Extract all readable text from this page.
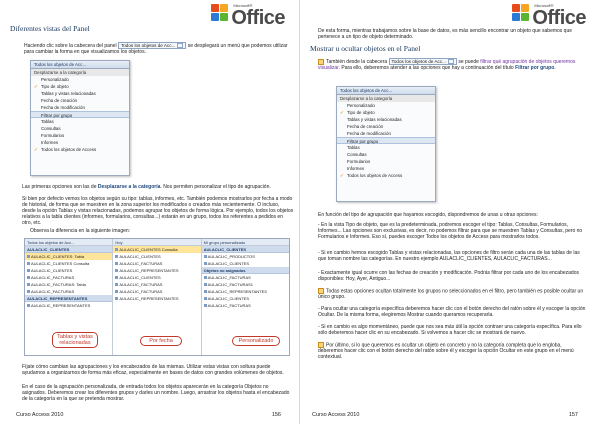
Microsoft®
Office
Diferentes vistas del Panel
Haciendo clic sobre la cabecera del panel Todos los objetos de Acc... se desplegará un menú que podemos utilizar para cambiar la forma en que visualizamos los objetos.
Todos los objetos de Acc...
Desplazarse a la categoría
Personalizado
✓ Tipo de objeto
Tablas y vistas relacionadas
Fecha de creación
Fecha de modificación
Filtrar por grupo
Tablas
Consultas
Formularios
Informes
✓ Todos los objetos de Access
Las primeras opciones son las de Desplazarse a la categoría. Nos permiten personalizar el tipo de agrupación.
Si bien por defecto vemos los objetos según su tipo: tablas, informes, etc. También podemos mostrarlos por fecha a modo de historial, de forma que se muestren en la zona superior los modificados o creados más recientemente. O incluso, desde la opción Tablas y vistas relacionadas, podemos agrupar los objetos de forma lógica. Por ejemplo, todos los objetos relativos a la tabla clientes (informes, formularios, consultas...) estarán en un grupo, todos los referentes a pedidos en otro, etc.
Observa la diferencia en la siguiente imagen:
Todos los objetos de Acc...
AULACLIC_CLIENTES
AULACLIC_CLIENTES: Tabla
AULACLIC_CLIENTES Consulta
AULACLIC_CLIENTES
AULACLIC_FACTURAS
AULACLIC_FACTURAS: Tabla
AULACLIC_FACTURAS
AULACLIC_REPRESENTANTES
AULACLIC_REPRESENTANTES
Hoy
AULACLIC_CLIENTES Consulta
AULACLIC_CLIENTES
AULACLIC_FACTURAS
AULACLIC_REPRESENTANTES
AULACLIC_CLIENTES
AULACLIC_FACTURAS
AULACLIC_FACTURAS
AULACLIC_REPRESENTANTES
Mi grupo personalizado
AULACLIC_CLIENTES
AULACLIC_PRODUCTOS
AULACLIC_CLIENTES
Objetos no asignados
AULACLIC_FACTURAS
AULACLIC_FACTURAS1
AULACLIC_REPRESENTANTES
AULACLIC_CLIENTES
AULACLIC_FACTURAS
Tablas y vistas relacionadas	Por fecha	Personalizado
Fíjate cómo cambian las agrupaciones y los encabezados de las mismas. Utilizar estas vistas con soltura puede ayudarnos a organizarnos de forma más eficaz, especialmente en bases de datos con grandes volúmenes de objetos.
En el caso de la agrupación personalizada, de entrada todos los objetos aparecerán en la categoría Objetos no asignados. Deberemos crear los diferentes grupos y darles un nombre. Luego, arrastrar los objetos hasta el encabezado de la categoría en la que se pretenda mostrar.
Curso Access 2010	156
Microsoft®
Office
De esta forma, mientras trabajamos sobre la base de datos, es más sencillo encontrar un objeto que sabemos que pertenece a un tipo de objeto determinado.
Mostrar u ocultar objetos en el Panel
También desde la cabecera Todos los objetos de Acc... se puede filtrar qué agrupación de objetos queremos visualizar. Para ello, deberemos atender a las opciones que hay a continuación del título Filtrar por grupo.
Todos los objetos de Acc...
Desplazarse a la categoría
Personalizado
✓ Tipo de objeto
Tablas y vistas relacionadas
Fecha de creación
Fecha de modificación
Filtrar por grupo
Tablas
Consultas
Formularios
Informes
✓ Todos los objetos de Access
En función del tipo de agrupación que hayamos escogido, dispondremos de unas u otras opciones:
- En la vista Tipo de objeto, que es la predeterminada, podremos escoger el tipo: Tablas, Consultas, Formularios, Informes... Las opciones son exclusivas, es decir, no podemos filtrar para que se muestren Tablas y Consultas, pero no Formularios e Informes. Eso sí, puedes escoger Todos los objetos de Access para mostrarlos todos.
- Si en cambio hemos escogido Tablas y vistas relacionadas, las opciones de filtro serán cada una de las tablas de las que toman nombre las categorías. En nuestro ejemplo AULACLIC_CLIENTES, AULACLIC_FACTURAS...
- Exactamente igual ocurre con las fechas de creación y modificación. Podrás filtrar por cada uno de los encabezados disponibles: Hoy, Ayer, Antiguo...
Todas estas opciones ocultan totalmente los grupos no seleccionados en el filtro, pero también es posible ocultar un único grupo.
- Para ocultar una categoría específica deberemos hacer clic con el botón derecho del ratón sobre él y escoger la opción Ocultar. De la misma forma, elegiremos Mostrar cuando queramos recuperarla.
- Si en cambio es algo momentáneo, puede que nos sea más útil la opción contraer una categoría específica. Para ello sólo deberemos hacer clic en su encabezado. Si volvemos a hacer clic se mostrará de nuevo.
Por último, si lo que queremos es ocultar un objeto en concreto y no la categoría completa que lo engloba, deberemos hacer clic con el botón derecho del ratón sobre él y escoger la opción Ocultar en este grupo en el menú contextual.
Curso Access 2010	157
